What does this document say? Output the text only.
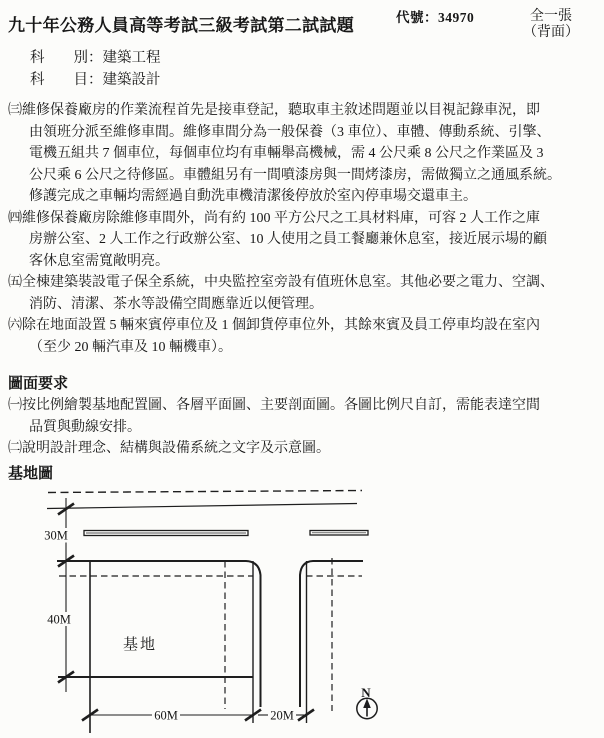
九十年公務人員高等考試三級考試第二試試題	代號：34970	全一張
（背面）
科　　別：建築工程
科　　目：建築設計
㈢維修保養廠房的作業流程首先是接車登記，聽取車主敘述問題並以目視記錄車況，即
由領班分派至維修車間。維修車間分為一般保養（3 車位）、車體、傳動系統、引擎、
電機五組共 7 個車位，每個車位均有車輛舉高機械，需 4 公尺乘 8 公尺之作業區及 3
公尺乘 6 公尺之待修區。車體組另有一間噴漆房與一間烤漆房，需做獨立之通風系統。
修護完成之車輛均需經過自動洗車機清潔後停放於室內停車場交還車主。
㈣維修保養廠房除維修車間外，尚有約 100 平方公尺之工具材料庫，可容 2 人工作之庫
房辦公室、2 人工作之行政辦公室、10 人使用之員工餐廳兼休息室，接近展示場的顧
客休息室需寬敞明亮。
㈤全棟建築裝設電子保全系統，中央監控室旁設有值班休息室。其他必要之電力、空調、
消防、清潔、茶水等設備空間應靠近以便管理。
㈥除在地面設置 5 輛來賓停車位及 1 個卸貨停車位外，其餘來賓及員工停車均設在室內
（至少 20 輛汽車及 10 輛機車）。
圖面要求
㈠按比例繪製基地配置圖、各層平面圖、主要剖面圖。各圖比例尺自訂，需能表達空間
品質與動線安排。
㈡說明設計理念、結構與設備系統之文字及示意圖。
基地圖
30M
40M
基地
60M	20M
N
